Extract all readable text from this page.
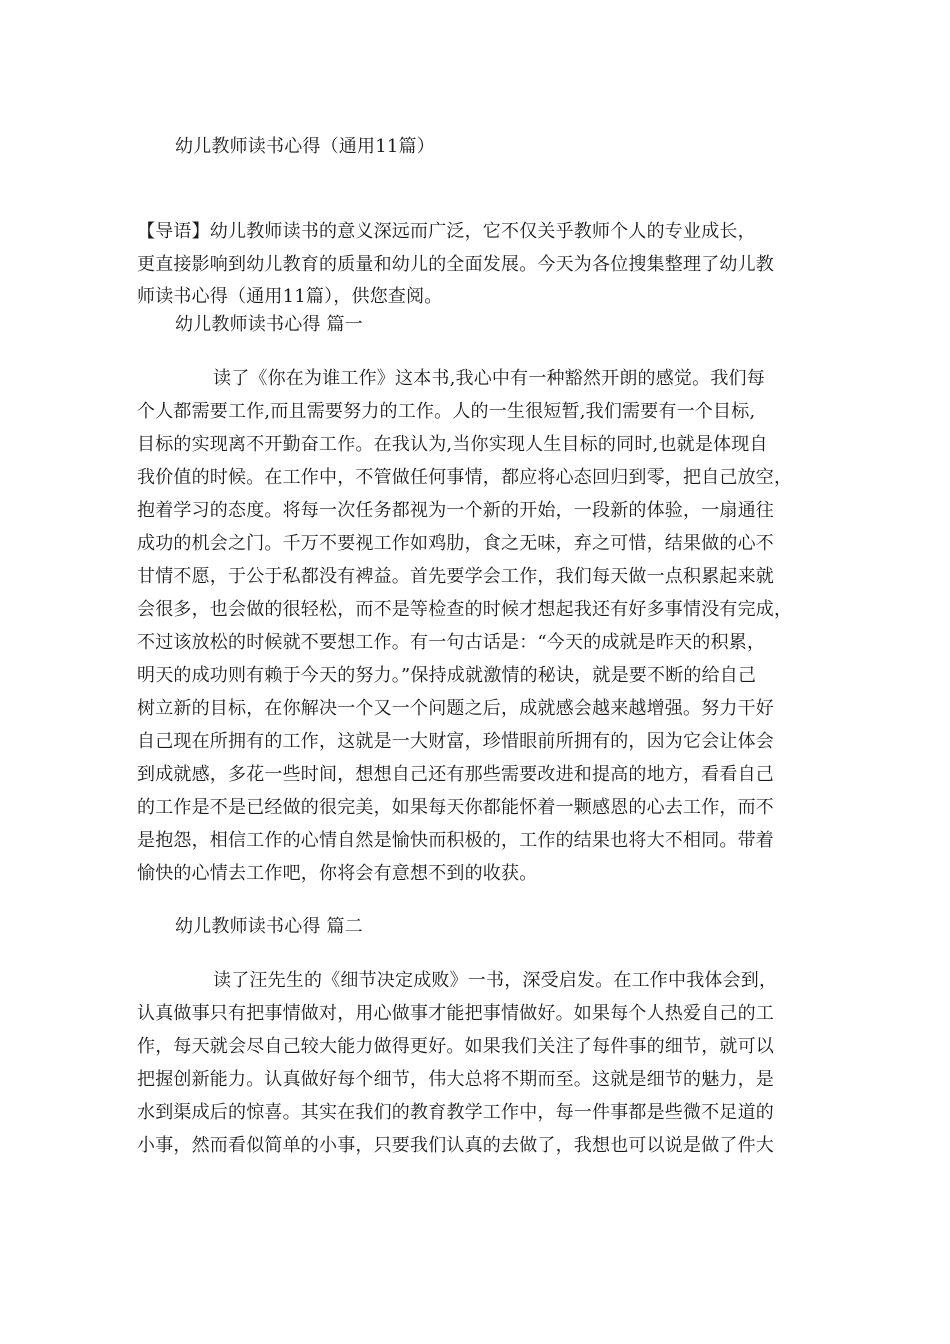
幼儿教师读书心得（通用11篇）
【导语】幼儿教师读书的意义深远而广泛，它不仅关乎教师个人的专业成长，
更直接影响到幼儿教育的质量和幼儿的全面发展。今天为各位搜集整理了幼儿教
师读书心得（通用11篇），供您查阅。
幼儿教师读书心得 篇一
读了《你在为谁工作》这本书,我心中有一种豁然开朗的感觉。我们每
个人都需要工作,而且需要努力的工作。人的一生很短暂,我们需要有一个目标,
目标的实现离不开勤奋工作。在我认为,当你实现人生目标的同时,也就是体现自
我价值的时候。在工作中，不管做任何事情，都应将心态回归到零，把自己放空，
抱着学习的态度。将每一次任务都视为一个新的开始，一段新的体验，一扇通往
成功的机会之门。千万不要视工作如鸡肋，食之无味，弃之可惜，结果做的心不
甘情不愿，于公于私都没有裨益。首先要学会工作，我们每天做一点积累起来就
会很多，也会做的很轻松，而不是等检查的时候才想起我还有好多事情没有完成，
不过该放松的时候就不要想工作。有一句古话是：“今天的成就是昨天的积累，
明天的成功则有赖于今天的努力。”保持成就激情的秘诀，就是要不断的给自己
树立新的目标，在你解决一个又一个问题之后，成就感会越来越增强。努力干好
自己现在所拥有的工作，这就是一大财富，珍惜眼前所拥有的，因为它会让体会
到成就感，多花一些时间，想想自己还有那些需要改进和提高的地方，看看自己
的工作是不是已经做的很完美，如果每天你都能怀着一颗感恩的心去工作，而不
是抱怨，相信工作的心情自然是愉快而积极的，工作的结果也将大不相同。带着
愉快的心情去工作吧，你将会有意想不到的收获。
幼儿教师读书心得 篇二
读了汪先生的《细节决定成败》一书，深受启发。在工作中我体会到，
认真做事只有把事情做对，用心做事才能把事情做好。如果每个人热爱自己的工
作，每天就会尽自己较大能力做得更好。如果我们关注了每件事的细节，就可以
把握创新能力。认真做好每个细节，伟大总将不期而至。这就是细节的魅力，是
水到渠成后的惊喜。其实在我们的教育教学工作中，每一件事都是些微不足道的
小事，然而看似简单的小事，只要我们认真的去做了，我想也可以说是做了件大
